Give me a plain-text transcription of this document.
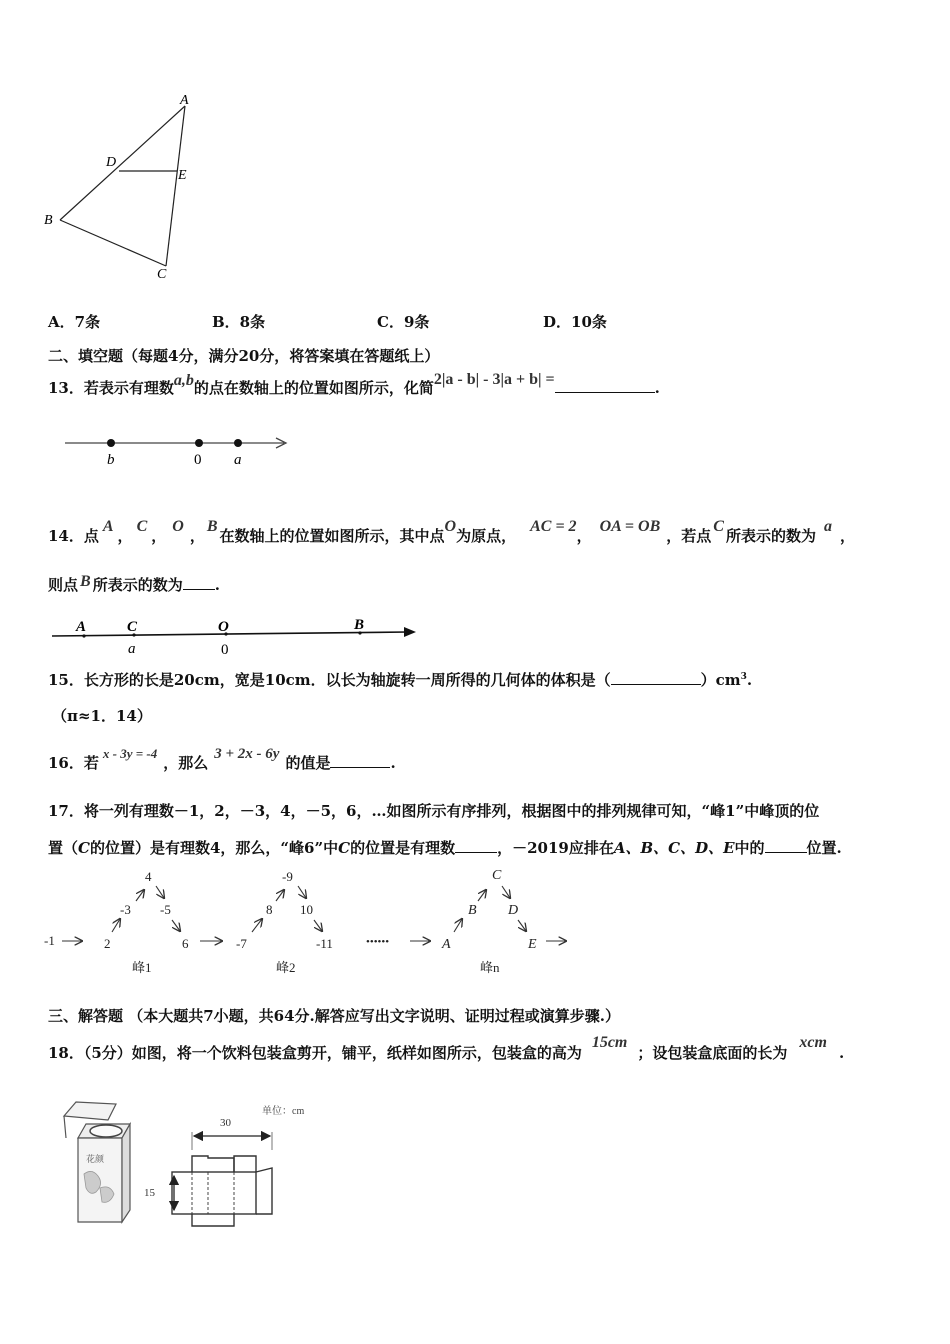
A
D
E
B
C
A．7条	B．8条	C．9条	D．10条
二、填空题（每题4分，满分20分，将答案填在答题纸上）
13．若表示有理数a,b的点在数轴上的位置如图所示，化简2|a - b| - 3|a + b| =	.
b	0 a
14．点A，C，O，B在数轴上的位置如图所示，其中点O为原点，AC = 2，OA = OB，若点C所表示的数为a，
则点 B 所表示的数为 .
A	C	O	B
a	0
15．长方形的长是20cm，宽是10cm．以长为轴旋转一周所得的几何体的体积是（	）$cm^3$.
（π≈1．14）
16．若x - 3y = -4，那么 3 + 2x - 6y 的值是	.
17．将一列有理数－1，2，－3，4，－5，6，…如图所示有序排列，根据图中的排列规律可知，“峰1”中峰顶的位
置（C的位置）是有理数4，那么，“峰6”中C的位置是有理数	，－2019应排在A、B、C、D、E中的	位置.
-1	2
-3
4
-5
6
峰1
-7
8
-9
10
-11
峰2
••••••	A
B
C
D
E
峰n
三、解答题 （本大题共7小题，共64分.解答应写出文字说明、证明过程或演算步骤.）
18．（5分）如图，将一个饮料包装盒剪开，铺平，纸样如图所示，包装盒的高为15cm；设包装盒底面的长为xcm.
花颜
单位：cm
30
15
